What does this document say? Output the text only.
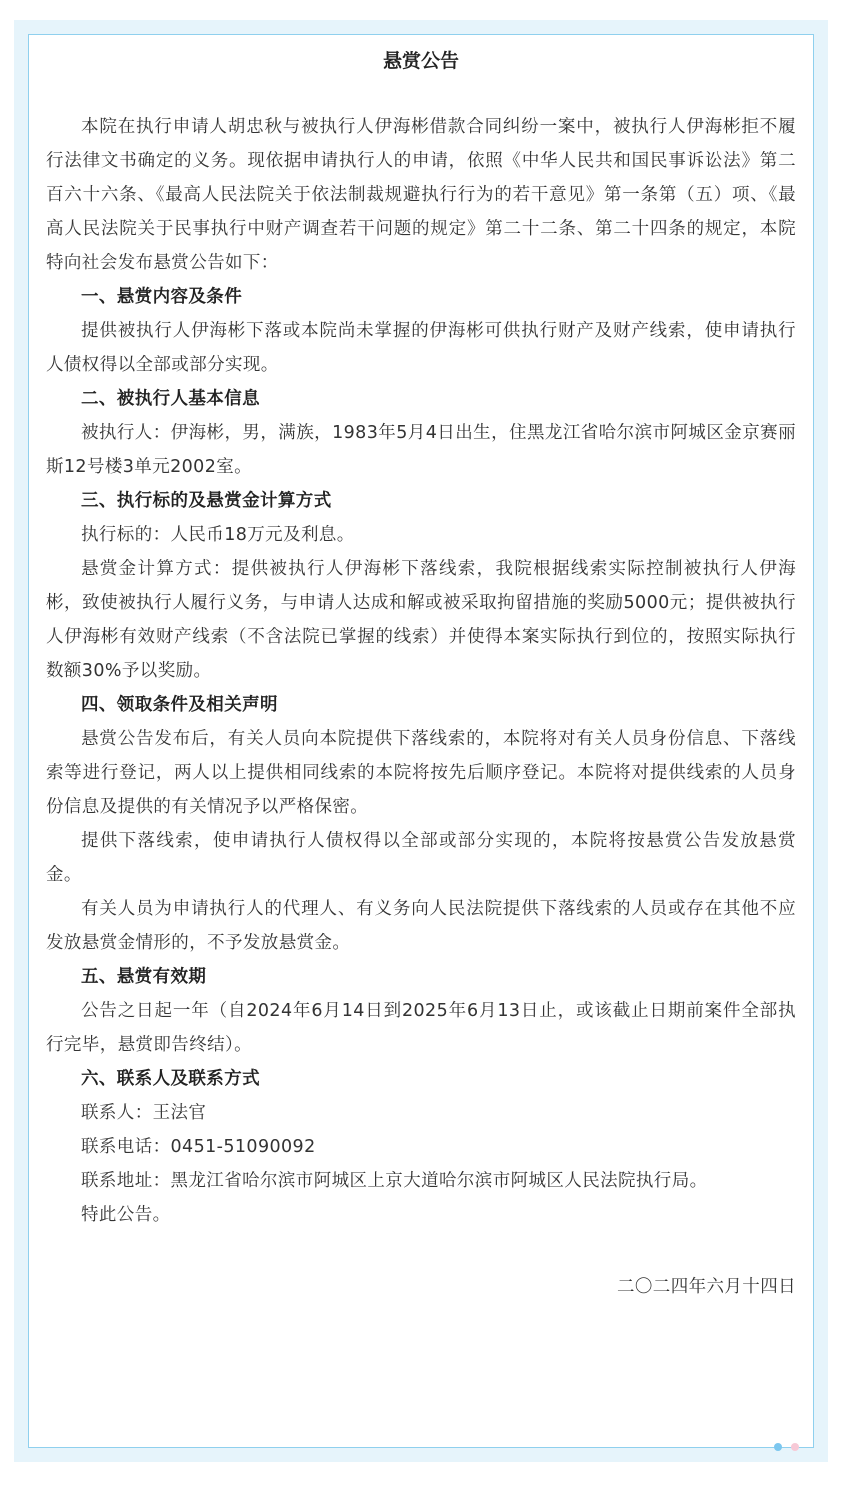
悬赏公告

本院在执行申请人胡忠秋与被执行人伊海彬借款合同纠纷一案中，被执行人伊海彬拒不履行法律文书确定的义务。现依据申请执行人的申请，依照《中华人民共和国民事诉讼法》第二百六十六条、《最高人民法院关于依法制裁规避执行行为的若干意见》第一条第（五）项、《最高人民法院关于民事执行中财产调查若干问题的规定》第二十二条、第二十四条的规定，本院特向社会发布悬赏公告如下：

一、悬赏内容及条件

提供被执行人伊海彬下落或本院尚未掌握的伊海彬可供执行财产及财产线索，使申请执行人债权得以全部或部分实现。

二、被执行人基本信息

被执行人：伊海彬，男，满族，1983年5月4日出生，住黑龙江省哈尔滨市阿城区金京赛丽斯12号楼3单元2002室。

三、执行标的及悬赏金计算方式

执行标的：人民币18万元及利息。

悬赏金计算方式：提供被执行人伊海彬下落线索，我院根据线索实际控制被执行人伊海彬，致使被执行人履行义务，与申请人达成和解或被采取拘留措施的奖励5000元；提供被执行人伊海彬有效财产线索（不含法院已掌握的线索）并使得本案实际执行到位的，按照实际执行数额30%予以奖励。

四、领取条件及相关声明

悬赏公告发布后，有关人员向本院提供下落线索的，本院将对有关人员身份信息、下落线索等进行登记，两人以上提供相同线索的本院将按先后顺序登记。本院将对提供线索的人员身份信息及提供的有关情况予以严格保密。

提供下落线索，使申请执行人债权得以全部或部分实现的，本院将按悬赏公告发放悬赏金。

有关人员为申请执行人的代理人、有义务向人民法院提供下落线索的人员或存在其他不应发放悬赏金情形的，不予发放悬赏金。

五、悬赏有效期

公告之日起一年（自2024年6月14日到2025年6月13日止，或该截止日期前案件全部执行完毕，悬赏即告终结）。

六、联系人及联系方式

联系人：王法官

联系电话：0451-51090092

联系地址：黑龙江省哈尔滨市阿城区上京大道哈尔滨市阿城区人民法院执行局。

特此公告。

二〇二四年六月十四日
